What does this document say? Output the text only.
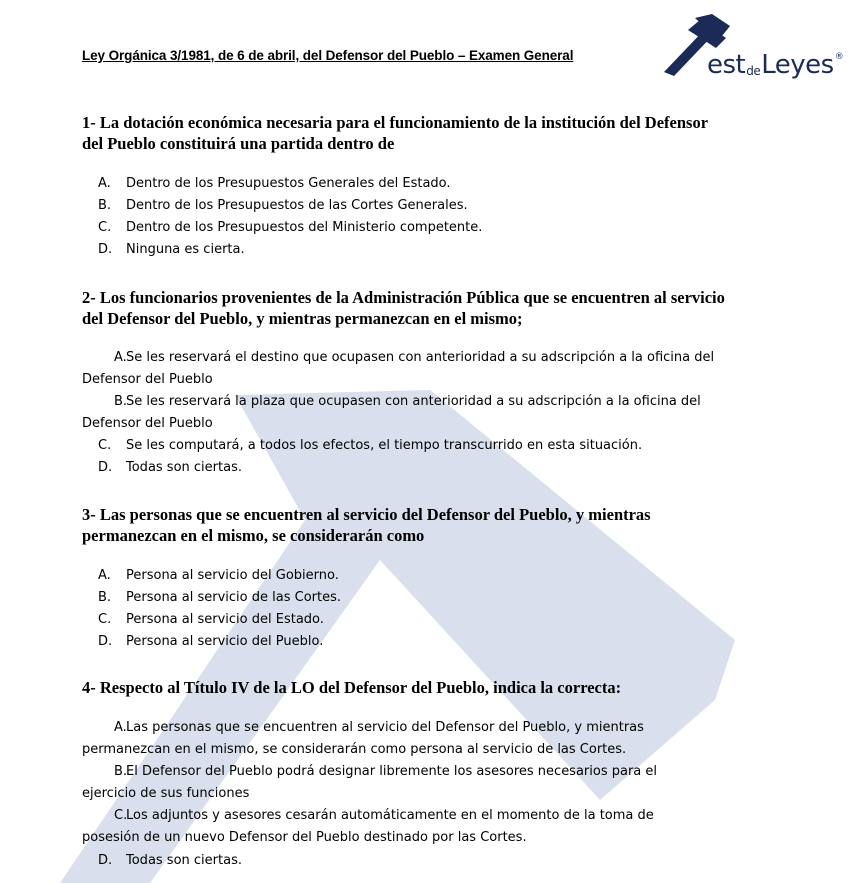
Ley Orgánica 3/1981, de 6 de abril, del Defensor del Pueblo – Examen General	estdeLeyes®
1- La dotación económica necesaria para el funcionamiento de la institución del Defensor del Pueblo constituirá una partida dentro de
A. Dentro de los Presupuestos Generales del Estado.
B. Dentro de los Presupuestos de las Cortes Generales.
C. Dentro de los Presupuestos del Ministerio competente.
D. Ninguna es cierta.
2- Los funcionarios provenientes de la Administración Pública que se encuentren al servicio del Defensor del Pueblo, y mientras permanezcan en el mismo;
A.Se les reservará el destino que ocupasen con anterioridad a su adscripción a la oficina del Defensor del Pueblo
B.Se les reservará la plaza que ocupasen con anterioridad a su adscripción a la oficina del Defensor del Pueblo
C. Se les computará, a todos los efectos, el tiempo transcurrido en esta situación.
D. Todas son ciertas.
3- Las personas que se encuentren al servicio del Defensor del Pueblo, y mientras permanezcan en el mismo, se considerarán como
A. Persona al servicio del Gobierno.
B. Persona al servicio de las Cortes.
C. Persona al servicio del Estado.
D. Persona al servicio del Pueblo.
4- Respecto al Título IV de la LO del Defensor del Pueblo, indica la correcta:
A.Las personas que se encuentren al servicio del Defensor del Pueblo, y mientras permanezcan en el mismo, se considerarán como persona al servicio de las Cortes.
B.El Defensor del Pueblo podrá designar libremente los asesores necesarios para el ejercicio de sus funciones
C.Los adjuntos y asesores cesarán automáticamente en el momento de la toma de posesión de un nuevo Defensor del Pueblo destinado por las Cortes.
D. Todas son ciertas.
